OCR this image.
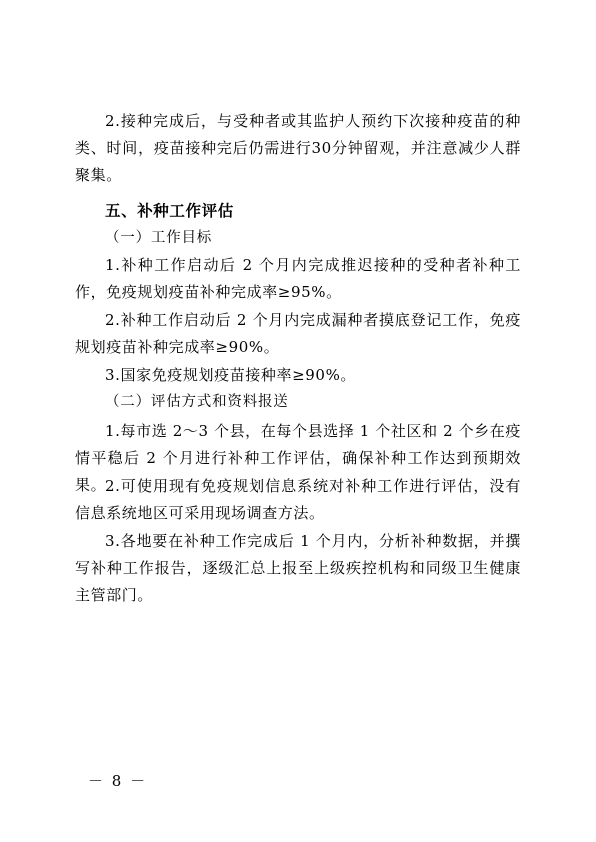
2.接种完成后，与受种者或其监护人预约下次接种疫苗的种类、时间，疫苗接种完后仍需进行30分钟留观，并注意减少人群聚集。

五、补种工作评估

（一）工作目标

1.补种工作启动后 2 个月内完成推迟接种的受种者补种工作，免疫规划疫苗补种完成率≥95%。

2.补种工作启动后 2 个月内完成漏种者摸底登记工作，免疫规划疫苗补种完成率≥90%。

3.国家免疫规划疫苗接种率≥90%。

（二）评估方式和资料报送

1.每市选 2～3 个县，在每个县选择 1 个社区和 2 个乡在疫情平稳后 2 个月进行补种工作评估，确保补种工作达到预期效果。

2.可使用现有免疫规划信息系统对补种工作进行评估，没有信息系统地区可采用现场调查方法。

3.各地要在补种工作完成后 1 个月内，分析补种数据，并撰写补种工作报告，逐级汇总上报至上级疾控机构和同级卫生健康主管部门。

－ 8 －
